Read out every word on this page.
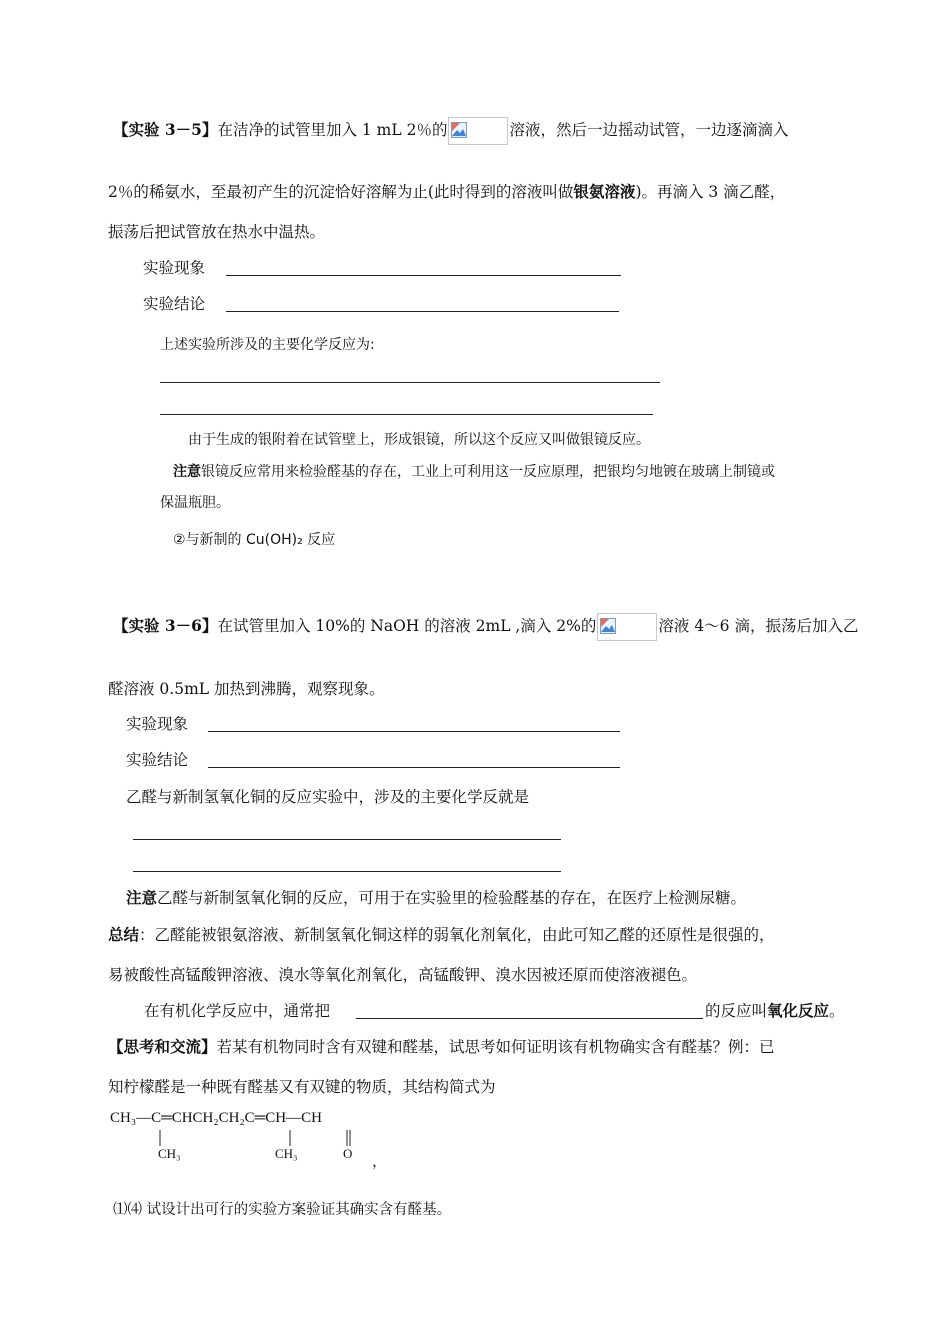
【实验 3－5】在洁净的试管里加入 1 mL 2％的	溶液，然后一边摇动试管，一边逐滴滴入
2％的稀氨水，至最初产生的沉淀恰好溶解为止(此时得到的溶液叫做银氨溶液)。再滴入 3 滴乙醛，
振荡后把试管放在热水中温热。
实验现象
实验结论
上述实验所涉及的主要化学反应为:
由于生成的银附着在试管壁上，形成银镜，所以这个反应又叫做银镜反应。
注意银镜反应常用来检验醛基的存在，工业上可利用这一反应原理，把银均匀地镀在玻璃上制镜或
保温瓶胆。
②与新制的 Cu(OH)₂ 反应
【实验 3－6】在试管里加入 10%的 NaOH 的溶液 2mL ,滴入 2%的	溶液 4～6 滴，振荡后加入乙
醛溶液 0.5mL 加热到沸腾，观察现象。
实验现象
实验结论
乙醛与新制氢氧化铜的反应实验中，涉及的主要化学反就是
注意乙醛与新制氢氧化铜的反应，可用于在实验里的检验醛基的存在，在医疗上检测尿糖。
总结：乙醛能被银氨溶液、新制氢氧化铜这样的弱氧化剂氧化，由此可知乙醛的还原性是很强的，
易被酸性高锰酸钾溶液、溴水等氧化剂氧化，高锰酸钾、溴水因被还原而使溶液褪色。
在有机化学反应中，通常把	的反应叫氧化反应。
【思考和交流】若某有机物同时含有双键和醛基，试思考如何证明该有机物确实含有醛基？例：已
知柠檬醛是一种既有醛基又有双键的物质，其结构简式为
CH₃—C═CHCH₂CH₂C═CH—CH
CH₃	CH₃	O
，
⑴⑷ 试设计出可行的实验方案验证其确实含有醛基。
